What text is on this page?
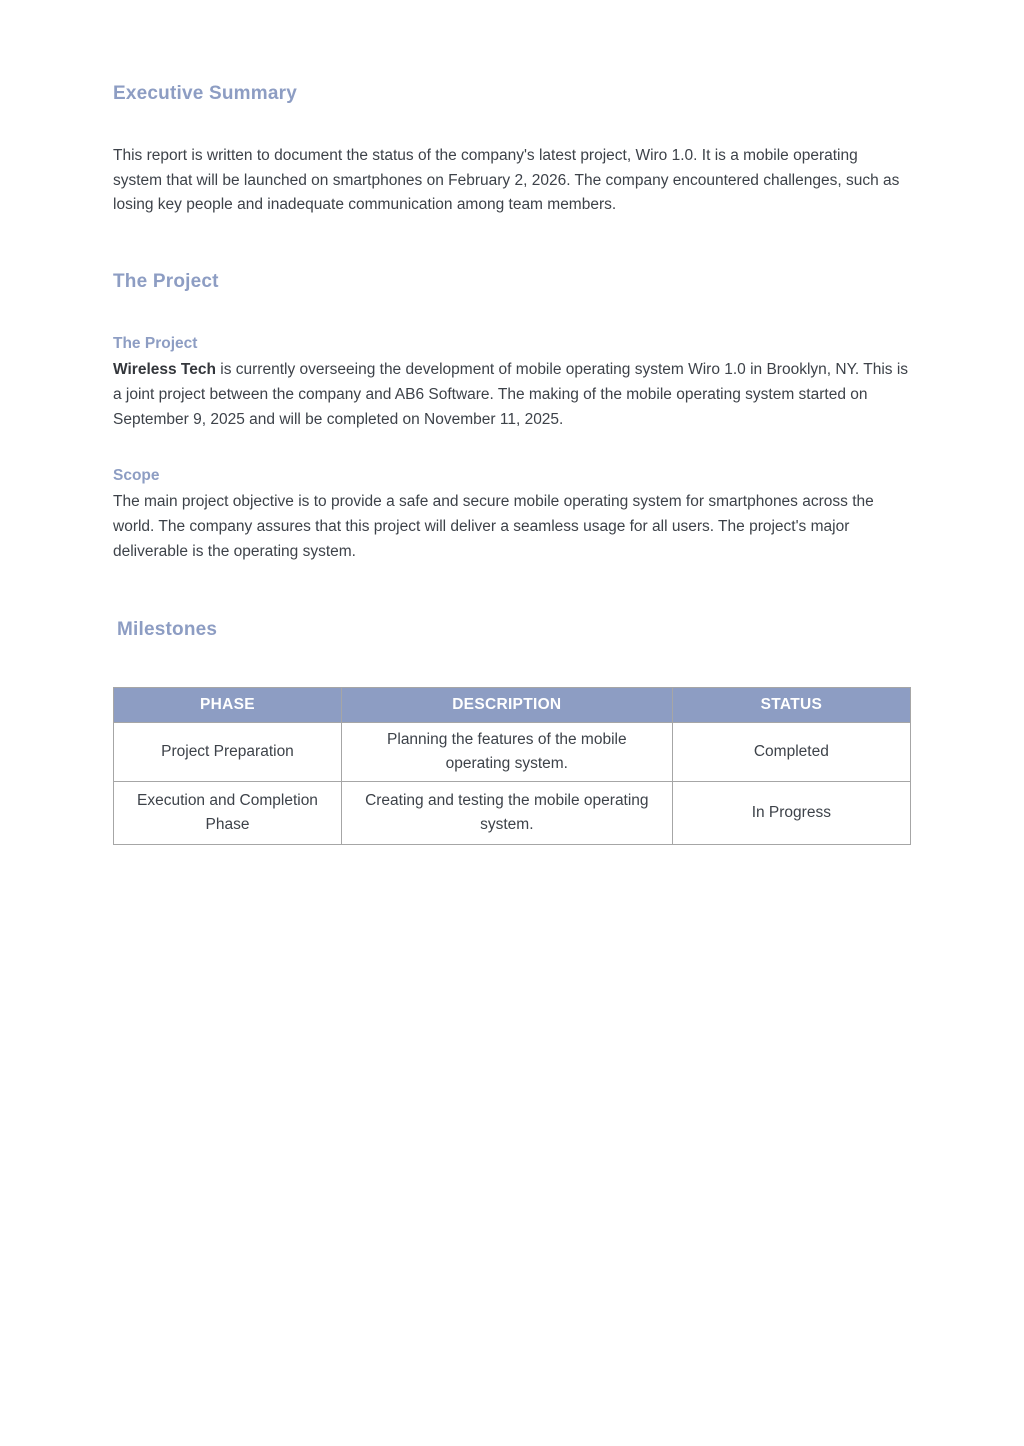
Executive Summary

This report is written to document the status of the company's latest project, Wiro 1.0. It is a mobile operating system that will be launched on smartphones on February 2, 2026. The company encountered challenges, such as losing key people and inadequate communication among team members.

The Project
The Project

Wireless Tech is currently overseeing the development of mobile operating system Wiro 1.0 in Brooklyn, NY. This is a joint project between the company and AB6 Software. The making of the mobile operating system started on September 9, 2025 and will be completed on November 11, 2025.

Scope

The main project objective is to provide a safe and secure mobile operating system for smartphones across the world. The company assures that this project will deliver a seamless usage for all users. The project's major deliverable is the operating system.

Milestones
PHASE	DESCRIPTION	STATUS
Project Preparation	Planning the features of the mobile operating system.	Completed
Execution and Completion Phase	Creating and testing the mobile operating system.	In Progress
